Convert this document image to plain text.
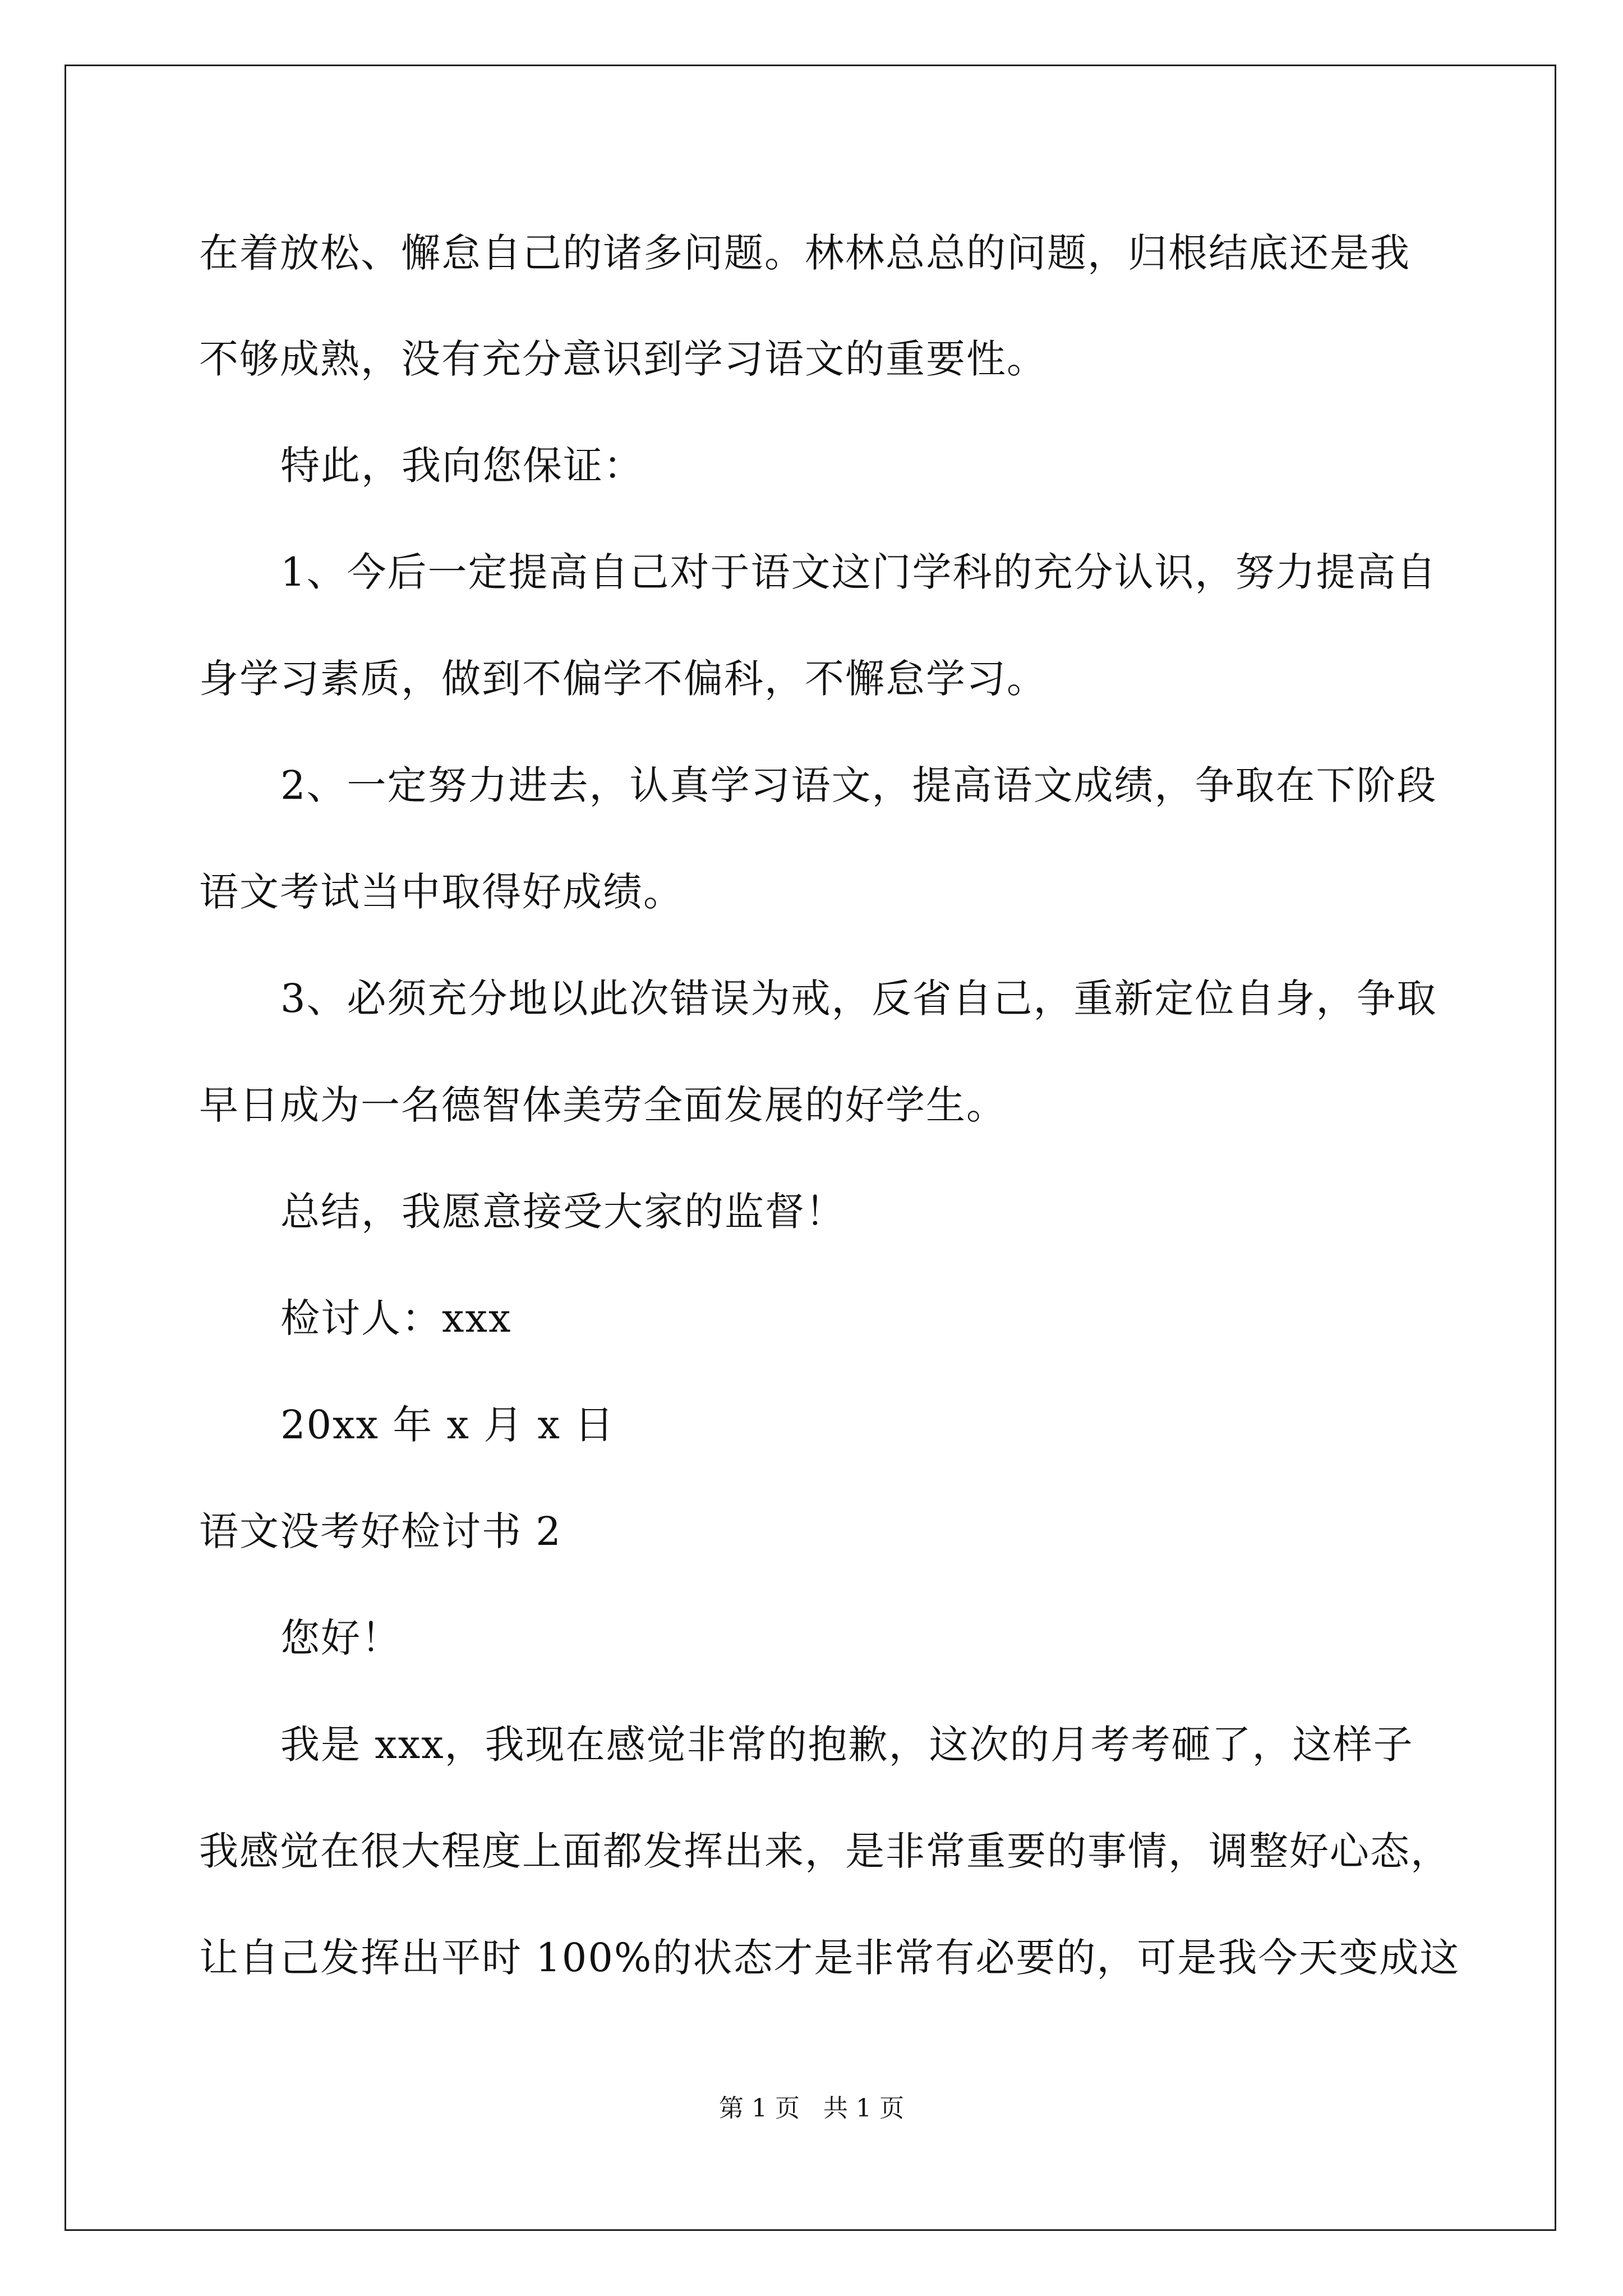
在着放松、懈怠自己的诸多问题。林林总总的问题，归根结底还是我
不够成熟，没有充分意识到学习语文的重要性。
特此，我向您保证：
1、今后一定提高自己对于语文这门学科的充分认识，努力提高自
身学习素质，做到不偏学不偏科，不懈怠学习。
2、一定努力进去，认真学习语文，提高语文成绩，争取在下阶段
语文考试当中取得好成绩。
3、必须充分地以此次错误为戒，反省自己，重新定位自身，争取
早日成为一名德智体美劳全面发展的好学生。
总结，我愿意接受大家的监督！
检讨人：xxx
20xx 年 x 月 x 日
语文没考好检讨书 2
您好！
我是 xxx，我现在感觉非常的抱歉，这次的月考考砸了，这样子
我感觉在很大程度上面都发挥出来，是非常重要的事情，调整好心态，
让自己发挥出平时 100%的状态才是非常有必要的，可是我今天变成这
第 1 页   共 1 页
